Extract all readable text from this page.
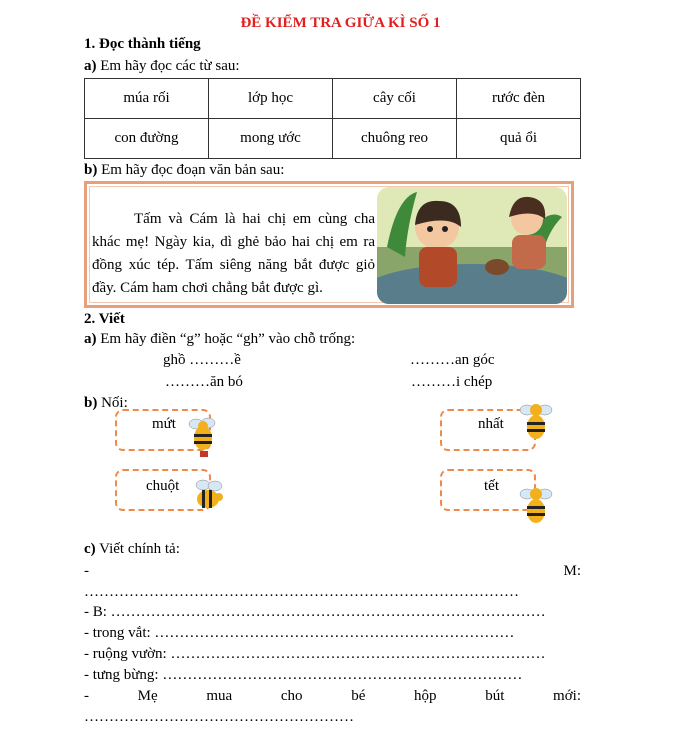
ĐỀ KIỂM TRA GIỮA KÌ SỐ 1
1. Đọc thành tiếng
a) Em hãy đọc các từ sau:
múa rối	lớp học	cây cối	rước đèn
con đường	mong ước	chuông reo	quả ổi
b) Em hãy đọc đoạn văn bản sau:
Tấm và Cám là hai chị em cùng cha khác mẹ! Ngày kia, dì ghẻ bảo hai chị em ra đồng xúc tép. Tấm siêng năng bắt được giỏ đầy. Cám ham chơi chẳng bắt được gì.
2. Viết
a) Em hãy điền “g” hoặc “gh” vào chỗ trống:
ghồ ………ề	………an góc
………ăn bó	………i chép
b) Nối:
mứt
chuột
nhất
tết
c) Viết chính tả:
-	M:
……………………………………………………………………………
- B: ……………………………………………………………………………
- trong vắt: ………………………………………………………………
- ruộng vườn: …………………………………………………………………
- tưng bừng: ………………………………………………………………
-	Mẹ	mua	cho	bé	hộp	bút	mới:
………………………………………………
